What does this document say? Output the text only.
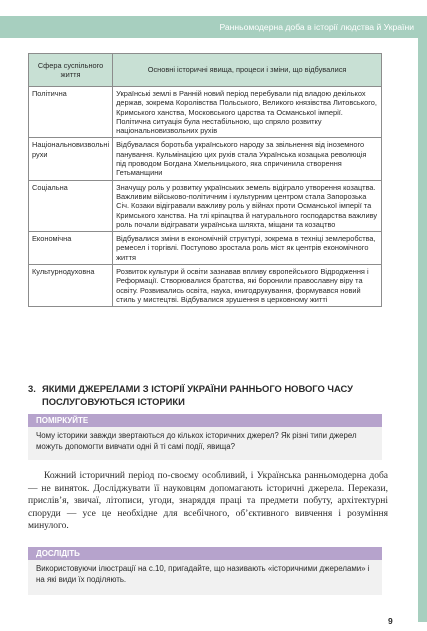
Ранньомодерна доба в історії людства й України
Сфера суспільного життя	Основні історичні явища, процеси і зміни, що відбувалися
Політична	Українські землі в Ранній новий період перебували під владою декількох держав, зокрема Королівства Польського, Великого князівства Литовського, Кримського ханства, Московського царства та Османської імперії. Політична ситуація була нестабільною, що спряло розвитку національновизвольних рухів
Національновизвольні рухи	Відбувалася боротьба українського народу за звільнення від іноземного панування. Кульмінацією цих рухів стала Українська козацька революція під проводом Богдана Хмельницького, яка спричинила створення Гетьманщини
Соціальна	Значущу роль у розвитку українських земель відіграло утворення козацтва. Важливим військово-політичним і культурним центром стала Запорозька Січ. Козаки відігравали важливу роль у війнах проти Османської імперії та Кримського ханства. На тлі кріпацтва й натурального господарства важливу роль почали відігравати українська шляхта, міщани та козацтво
Економічна	Відбувалися зміни в економічній структурі, зокрема в техніці землеробства, ремесел і торгівлі. Поступово зростала роль міст як центрів економічного життя
Культурнодуховна	Розвиток культури й освіти зазнавав впливу європейського Відродження і Реформації. Створювалися братства, які боронили православну віру та освіту. Розвивались освіта, наука, книгодрукування, формувався новий стиль у мистецтві. Відбувалися зрушення в церковному житті
3. ЯКИМИ ДЖЕРЕЛАМИ З ІСТОРІЇ УКРАЇНИ РАННЬОГО НОВОГО ЧАСУ ПОСЛУГОВУЮТЬСЯ ІСТОРИКИ
ПОМІРКУЙТЕ
Чому історики завжди звертаються до кількох історичних джерел? Як різні типи джерел можуть допомогти вивчати одні й ті самі події, явища?

Кожний історичний період по-своєму особливий, і Українська ранньомодерна доба — не виняток. Досліджувати її науковцям допомагають історичні джерела. Перекази, прислів’я, звичаї, літописи, угоди, знаряддя праці та предмети побуту, архітектурні споруди — усе це необхідне для всебічного, об’єктивного вивчення і розуміння минулого.

ДОСЛІДІТЬ
Використовуючи ілюстрації на с.10, пригадайте, що називають «історичними джерелами» і на які види їх поділяють.
9
